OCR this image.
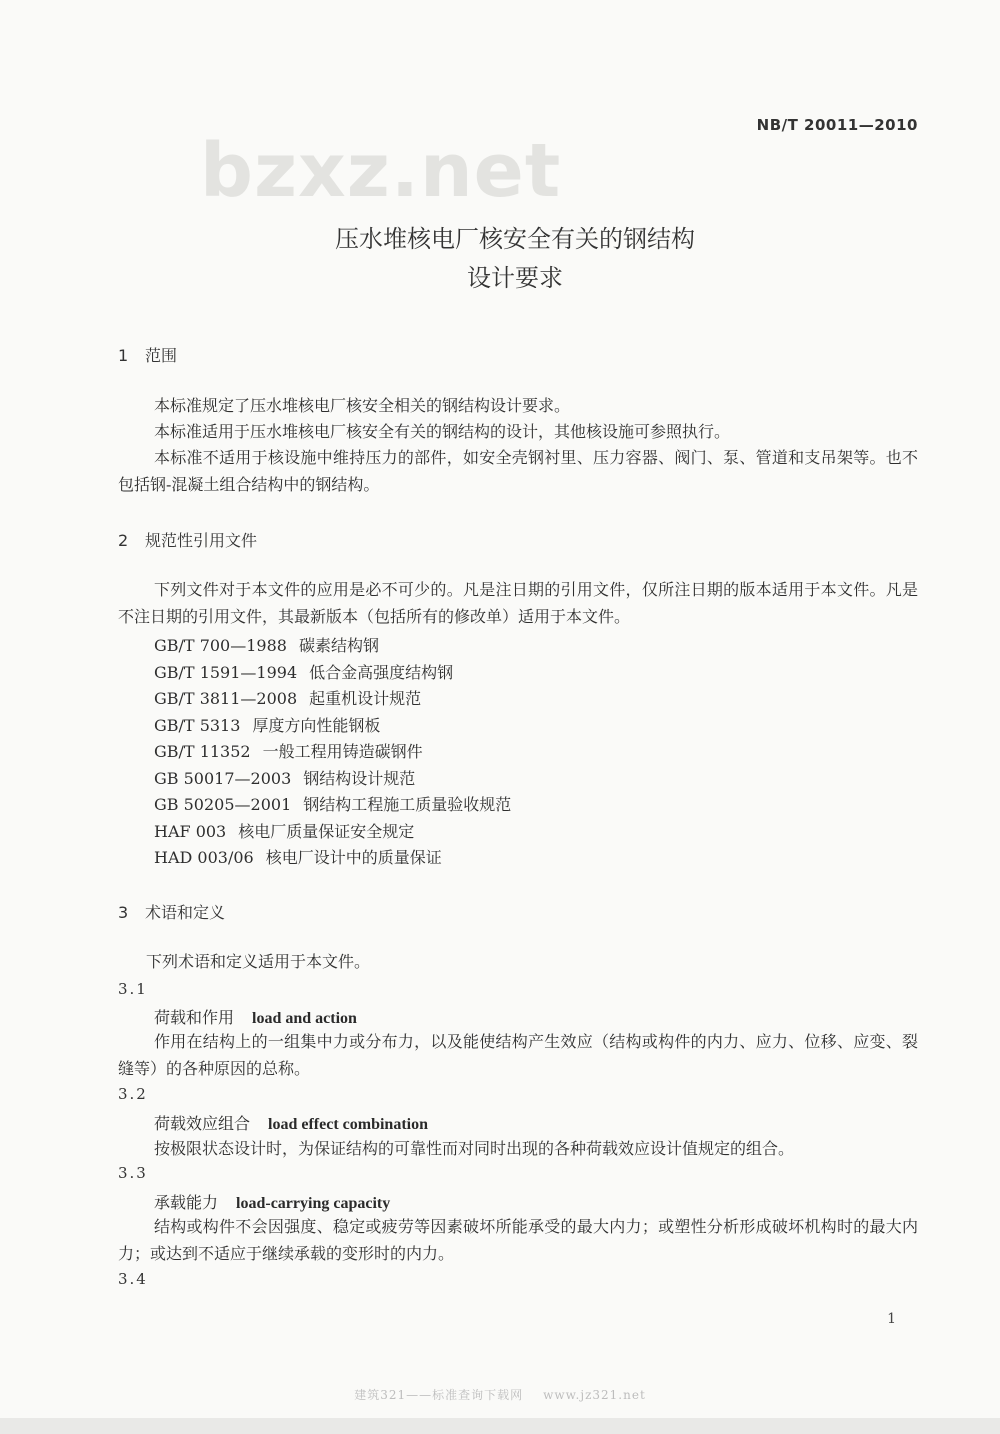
NB/T 20011—2010
bzxz.net
压水堆核电厂核安全有关的钢结构
设计要求
1 范围

本标准规定了压水堆核电厂核安全相关的钢结构设计要求。

本标准适用于压水堆核电厂核安全有关的钢结构的设计，其他核设施可参照执行。

本标准不适用于核设施中维持压力的部件，如安全壳钢衬里、压力容器、阀门、泵、管道和支吊架等。也不包括钢-混凝土组合结构中的钢结构。

2 规范性引用文件

下列文件对于本文件的应用是必不可少的。凡是注日期的引用文件，仅所注日期的版本适用于本文件。凡是不注日期的引用文件，其最新版本（包括所有的修改单）适用于本文件。

GB/T 700—1988 碳素结构钢
GB/T 1591—1994 低合金高强度结构钢
GB/T 3811—2008 起重机设计规范
GB/T 5313 厚度方向性能钢板
GB/T 11352 一般工程用铸造碳钢件
GB 50017—2003 钢结构设计规范
GB 50205—2001 钢结构工程施工质量验收规范
HAF 003 核电厂质量保证安全规定
HAD 003/06 核电厂设计中的质量保证
3 术语和定义
下列术语和定义适用于本文件。
3.1
荷载和作用 load and action

作用在结构上的一组集中力或分布力，以及能使结构产生效应（结构或构件的内力、应力、位移、应变、裂缝等）的各种原因的总称。

3.2
荷载效应组合 load effect combination

按极限状态设计时，为保证结构的可靠性而对同时出现的各种荷载效应设计值规定的组合。

3.3
承载能力 load-carrying capacity

结构或构件不会因强度、稳定或疲劳等因素破坏所能承受的最大内力；或塑性分析形成破坏机构时的最大内力；或达到不适应于继续承载的变形时的内力。

3.4
1
建筑321——标准查询下载网 www.jz321.net
